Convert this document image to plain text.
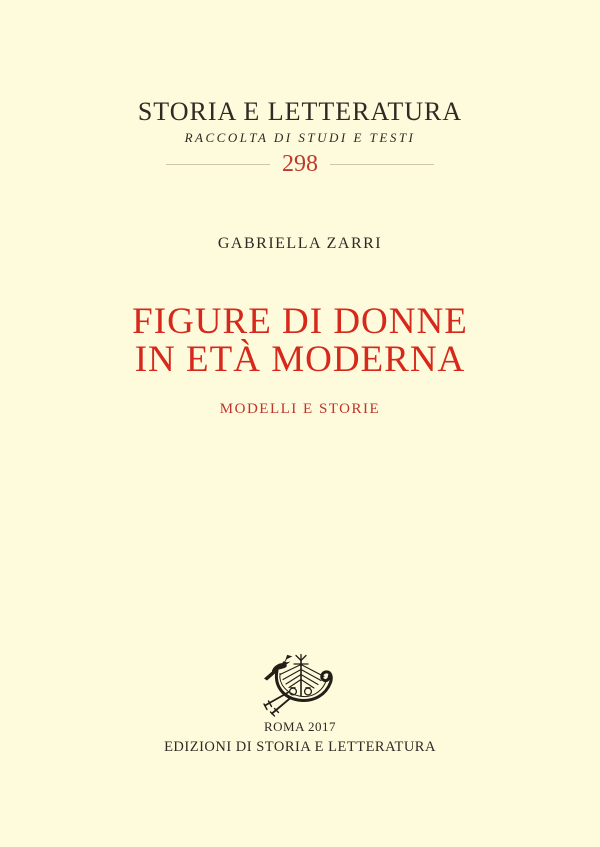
STORIA E LETTERATURA
RACCOLTA DI STUDI E TESTI
298
GABRIELLA ZARRI
FIGURE DI DONNE
IN ETÀ MODERNA
MODELLI E STORIE
ROMA 2017
EDIZIONI DI STORIA E LETTERATURA
